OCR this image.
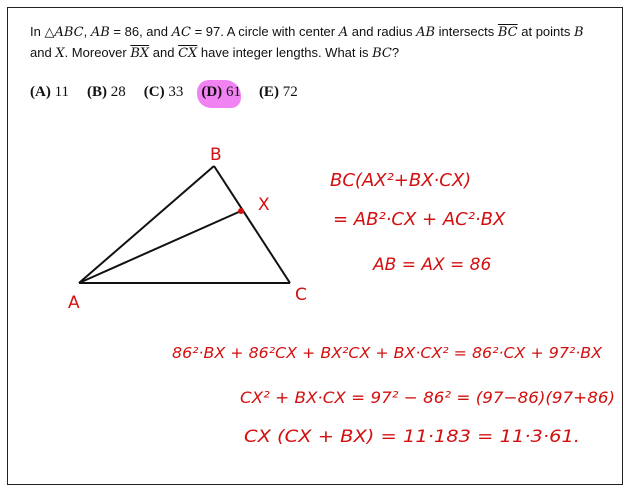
In △ABC, AB = 86, and AC = 97. A circle with center A and radius AB intersects $\overline{BC}$ at points B

and X. Moreover $\overline{BX}$ and $\overline{CX}$ have integer lengths. What is BC?

(A) 11 (B) 28 (C) 33 (D) 61 (E) 72
B
X
A	C
BC(AX²+BX·CX)
= AB²·CX + AC²·BX
AB = AX = 86
86²·BX + 86²CX + BX²CX + BX·CX² = 86²·CX + 97²·BX
CX² + BX·CX = 97² − 86² = (97−86)(97+86)
CX (CX + BX) = 11·183 = 11·3·61.
